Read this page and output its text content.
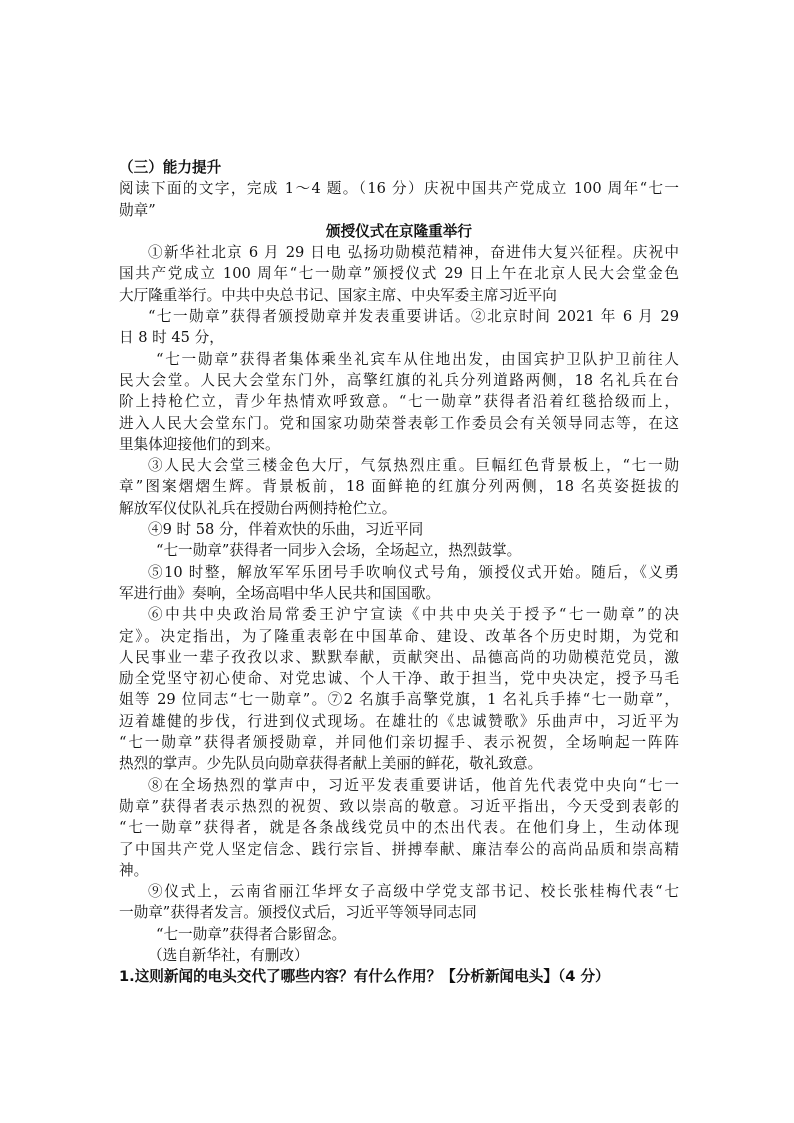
（三）能力提升
阅读下面的文字，完成 1～4 题。（16 分）庆祝中国共产党成立 100 周年“七一
勋章”
颁授仪式在京隆重举行
①新华社北京 6 月 29 日电 弘扬功勋模范精神，奋进伟大复兴征程。庆祝中
国共产党成立 100 周年“七一勋章”颁授仪式 29 日上午在北京人民大会堂金色
大厅隆重举行。中共中央总书记、国家主席、中央军委主席习近平向
“七一勋章”获得者颁授勋章并发表重要讲话。②北京时间 2021 年 6 月 29
日 8 时 45 分，
“七一勋章”获得者集体乘坐礼宾车从住地出发，由国宾护卫队护卫前往人
民大会堂。人民大会堂东门外，高擎红旗的礼兵分列道路两侧，18 名礼兵在台
阶上持枪伫立，青少年热情欢呼致意。“七一勋章”获得者沿着红毯拾级而上，
进入人民大会堂东门。党和国家功勋荣誉表彰工作委员会有关领导同志等，在这
里集体迎接他们的到来。
③人民大会堂三楼金色大厅，气氛热烈庄重。巨幅红色背景板上，“七一勋
章”图案熠熠生辉。背景板前，18 面鲜艳的红旗分列两侧，18 名英姿挺拔的
解放军仪仗队礼兵在授勋台两侧持枪伫立。
④9 时 58 分，伴着欢快的乐曲，习近平同
“七一勋章”获得者一同步入会场，全场起立，热烈鼓掌。
⑤10 时整，解放军军乐团号手吹响仪式号角，颁授仪式开始。随后，《义勇
军进行曲》奏响，全场高唱中华人民共和国国歌。
⑥中共中央政治局常委王沪宁宣读《中共中央关于授予“七一勋章”的决
定》。决定指出，为了隆重表彰在中国革命、建设、改革各个历史时期，为党和
人民事业一辈子孜孜以求、默默奉献，贡献突出、品德高尚的功勋模范党员，激
励全党坚守初心使命、对党忠诚、个人干净、敢于担当，党中央决定，授予马毛
姐等 29 位同志“七一勋章”。⑦2 名旗手高擎党旗，1 名礼兵手捧“七一勋章”，
迈着雄健的步伐，行进到仪式现场。在雄壮的《忠诚赞歌》乐曲声中，习近平为
“七一勋章”获得者颁授勋章，并同他们亲切握手、表示祝贺，全场响起一阵阵
热烈的掌声。少先队员向勋章获得者献上美丽的鲜花，敬礼致意。
⑧在全场热烈的掌声中，习近平发表重要讲话，他首先代表党中央向“七一
勋章”获得者表示热烈的祝贺、致以崇高的敬意。习近平指出，今天受到表彰的
“七一勋章”获得者，就是各条战线党员中的杰出代表。在他们身上，生动体现
了中国共产党人坚定信念、践行宗旨、拼搏奉献、廉洁奉公的高尚品质和崇高精
神。
⑨仪式上，云南省丽江华坪女子高级中学党支部书记、校长张桂梅代表“七
一勋章”获得者发言。颁授仪式后，习近平等领导同志同
“七一勋章”获得者合影留念。
（选自新华社，有删改）
1.这则新闻的电头交代了哪些内容？有什么作用？【分析新闻电头】（4 分）
